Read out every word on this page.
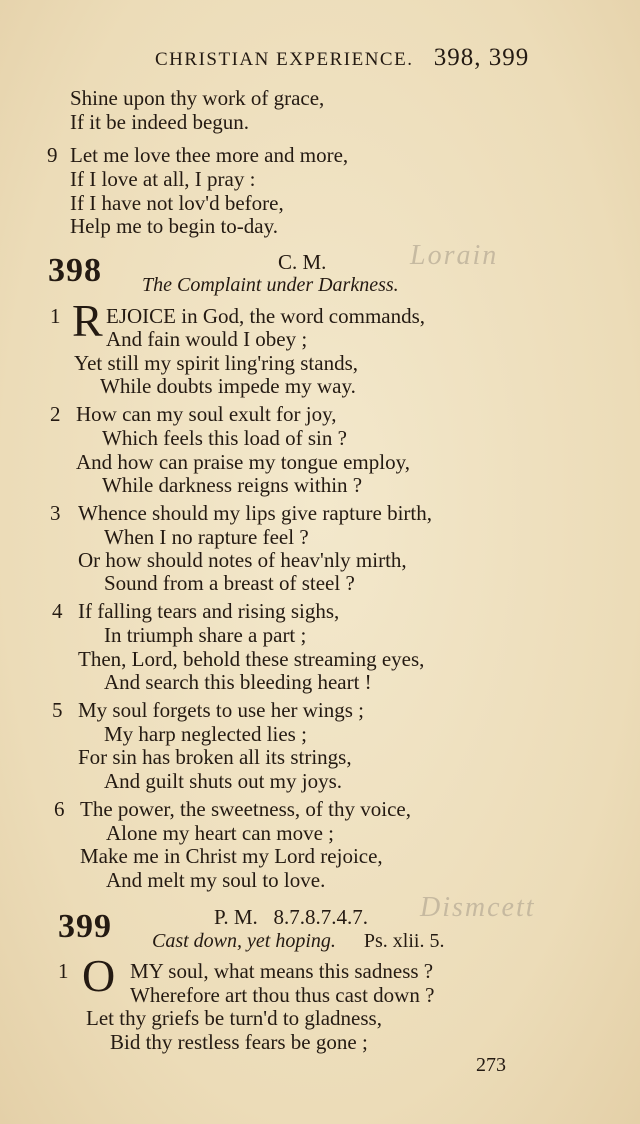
CHRISTIAN EXPERIENCE. 398, 399
Shine upon thy work of grace,
If it be indeed begun.
9 Let me love thee more and more,
If I love at all, I pray :
If I have not lov'd before,
Help me to begin to-day.
398	C. M.	Lorain
The Complaint under Darkness.
1 R EJOICE in God, the word commands,
And fain would I obey ;
Yet still my spirit ling'ring stands,
While doubts impede my way.
2 How can my soul exult for joy,
Which feels this load of sin ?
And how can praise my tongue employ,
While darkness reigns within ?
3 Whence should my lips give rapture birth,
When I no rapture feel ?
Or how should notes of heav'nly mirth,
Sound from a breast of steel ?
4 If falling tears and rising sighs,
In triumph share a part ;
Then, Lord, behold these streaming eyes,
And search this bleeding heart !
5 My soul forgets to use her wings ;
My harp neglected lies ;
For sin has broken all its strings,
And guilt shuts out my joys.
6 The power, the sweetness, of thy voice,
Alone my heart can move ;
Make me in Christ my Lord rejoice,
And melt my soul to love.
399	P. M.   8.7.8.7.4.7. Dismcett
Cast down, yet hoping. Ps. xlii. 5.
1 O MY soul, what means this sadness ?
Wherefore art thou thus cast down ?
Let thy griefs be turn'd to gladness,
Bid thy restless fears be gone ;
273
